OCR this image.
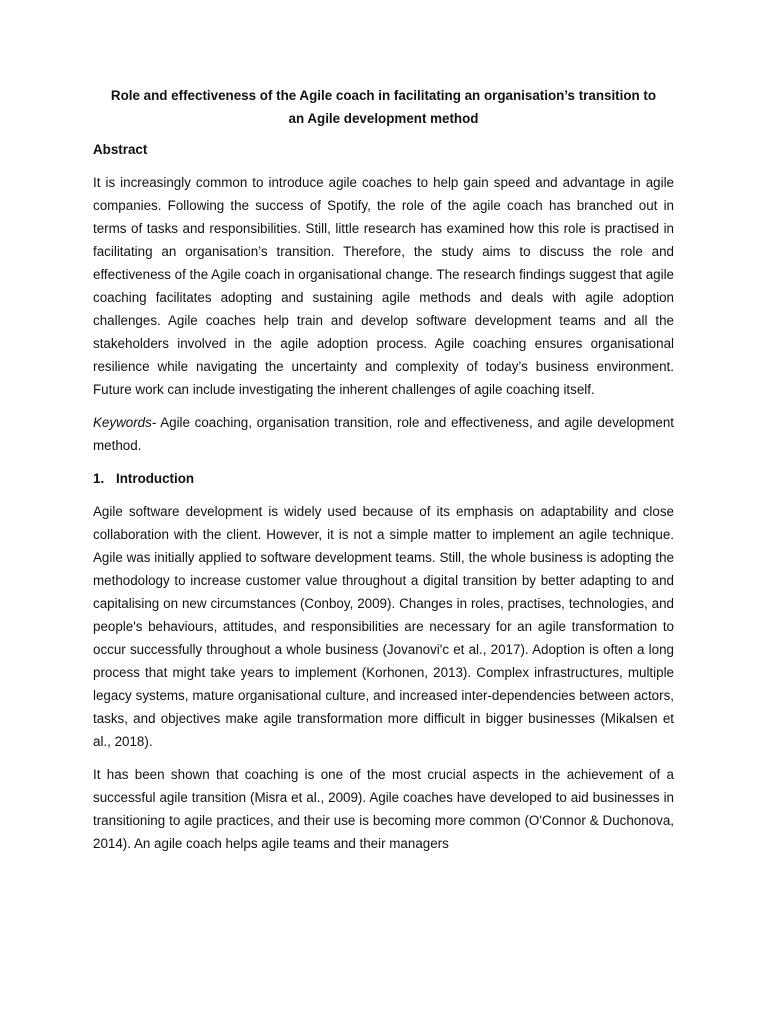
Role and effectiveness of the Agile coach in facilitating an organisation’s transition to
an Agile development method
Abstract

It is increasingly common to introduce agile coaches to help gain speed and advantage in agile companies. Following the success of Spotify, the role of the agile coach has branched out in terms of tasks and responsibilities. Still, little research has examined how this role is practised in facilitating an organisation’s transition. Therefore, the study aims to discuss the role and effectiveness of the Agile coach in organisational change. The research findings suggest that agile coaching facilitates adopting and sustaining agile methods and deals with agile adoption challenges. Agile coaches help train and develop software development teams and all the stakeholders involved in the agile adoption process. Agile coaching ensures organisational resilience while navigating the uncertainty and complexity of today’s business environment. Future work can include investigating the inherent challenges of agile coaching itself.

Keywords- Agile coaching, organisation transition, role and effectiveness, and agile development method.

1. Introduction

Agile software development is widely used because of its emphasis on adaptability and close collaboration with the client. However, it is not a simple matter to implement an agile technique. Agile was initially applied to software development teams. Still, the whole business is adopting the methodology to increase customer value throughout a digital transition by better adapting to and capitalising on new circumstances (Conboy, 2009). Changes in roles, practises, technologies, and people's behaviours, attitudes, and responsibilities are necessary for an agile transformation to occur successfully throughout a whole business (Jovanovi'c et al., 2017). Adoption is often a long process that might take years to implement (Korhonen, 2013). Complex infrastructures, multiple legacy systems, mature organisational culture, and increased inter-dependencies between actors, tasks, and objectives make agile transformation more difficult in bigger businesses (Mikalsen et al., 2018).

It has been shown that coaching is one of the most crucial aspects in the achievement of a successful agile transition (Misra et al., 2009). Agile coaches have developed to aid businesses in transitioning to agile practices, and their use is becoming more common (O'Connor & Duchonova, 2014). An agile coach helps agile teams and their managers
